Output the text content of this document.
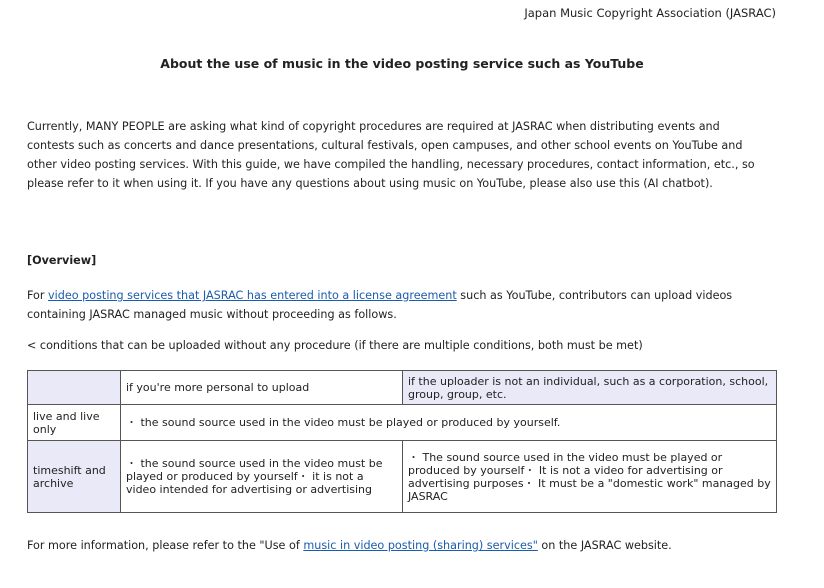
Japan Music Copyright Association (JASRAC)
About the use of music in the video posting service such as YouTube
Currently, MANY PEOPLE are asking what kind of copyright procedures are required at JASRAC when distributing events and contests such as concerts and dance presentations, cultural festivals, open campuses, and other school events on YouTube and other video posting services. With this guide, we have compiled the handling, necessary procedures, contact information, etc., so please refer to it when using it. If you have any questions about using music on YouTube, please also use this (AI chatbot).
[Overview]
For video posting services that JASRAC has entered into a license agreement such as YouTube, contributors can upload videos containing JASRAC managed music without proceeding as follows.
< conditions that can be uploaded without any procedure (if there are multiple conditions, both must be met)
	if you're more personal to upload	if the uploader is not an individual, such as a corporation, school, group, group, etc.
live and live only	・ the sound source used in the video must be played or produced by yourself.	
timeshift and archive	・ the sound source used in the video must be played or produced by yourself・ it is not a video intended for advertising or advertising	・ The sound source used in the video must be played or produced by yourself・ It is not a video for advertising or advertising purposes・ It must be a "domestic work" managed by JASRAC
For more information, please refer to the "Use of music in video posting (sharing) services" on the JASRAC website.
